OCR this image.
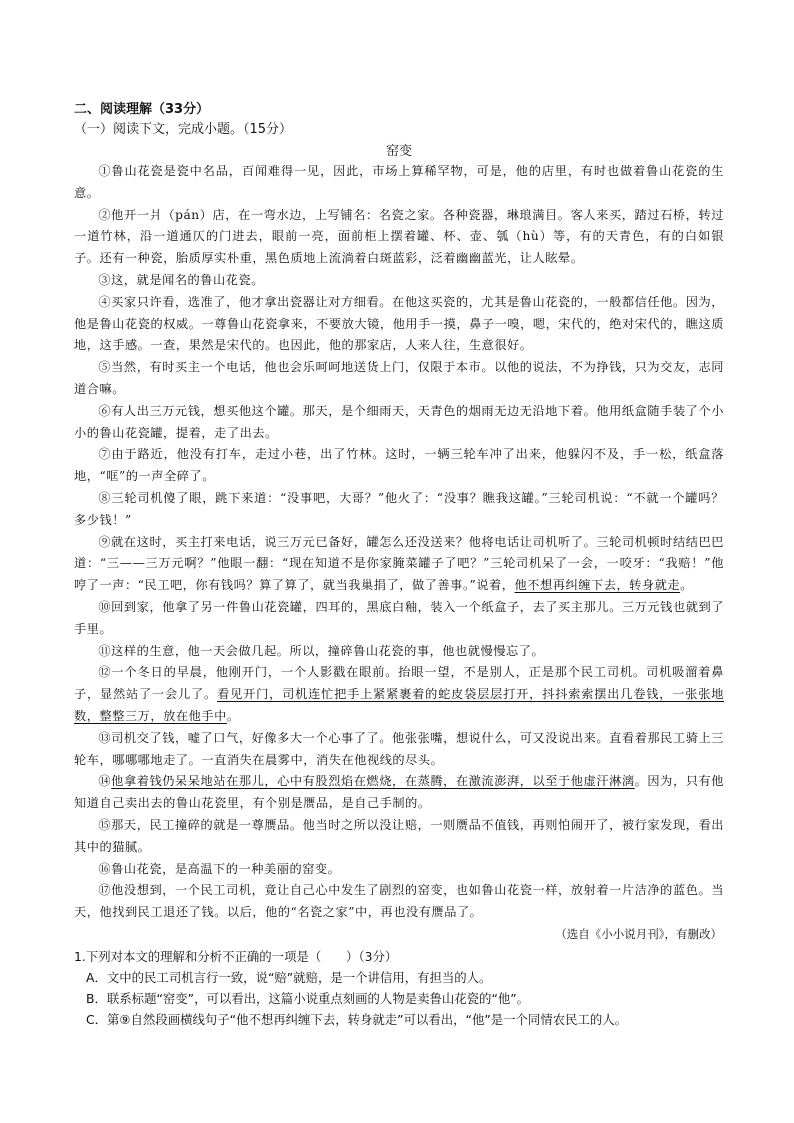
二、阅读理解（33分）
（一）阅读下文，完成小题。（15分）
窑变

①鲁山花瓷是瓷中名品，百闻难得一见，因此，市场上算稀罕物，可是，他的店里，有时也做着鲁山花瓷的生意。

②他开一爿（pán）店，在一弯水边，上写铺名：名瓷之家。各种瓷器，琳琅满目。客人来买，踏过石桥，转过一道竹林，沿一道通仄的门进去，眼前一亮，面前柜上摆着罐、杯、壶、瓠（hù）等，有的天青色，有的白如银子。还有一种瓷，胎质厚实朴重，黑色质地上流淌着白斑蓝彩，泛着幽幽蓝光，让人眩晕。

③这，就是闻名的鲁山花瓷。

④买家只许看，选准了，他才拿出瓷器让对方细看。在他这买瓷的，尤其是鲁山花瓷的，一般都信任他。因为，他是鲁山花瓷的权威。一尊鲁山花瓷拿来，不要放大镜，他用手一摸，鼻子一嗅，嗯，宋代的，绝对宋代的，瞧这质地，这手感。一查，果然是宋代的。也因此，他的那家店，人来人往，生意很好。

⑤当然，有时买主一个电话，他也会乐呵呵地送货上门，仅限于本市。以他的说法，不为挣钱，只为交友，志同道合嘛。

⑥有人出三万元钱，想买他这个罐。那天，是个细雨天，天青色的烟雨无边无沿地下着。他用纸盒随手装了个小小的鲁山花瓷罐，提着，走了出去。

⑦由于路近，他没有打车，走过小巷，出了竹林。这时，一辆三轮车冲了出来，他躲闪不及，手一松，纸盒落地，“哐”的一声全碎了。

⑧三轮司机傻了眼，跳下来道：“没事吧，大哥？”他火了：“没事？瞧我这罐。”三轮司机说：“不就一个罐吗？多少钱！”

⑨就在这时，买主打来电话，说三万元已备好，罐怎么还没送来？他将电话让司机听了。三轮司机顿时结结巴巴道：“三——三万元啊？”他眼一翻：“现在知道不是你家腌菜罐子了吧？”三轮司机呆了一会，一咬牙：“我赔！”他哼了一声：“民工吧，你有钱吗？算了算了，就当我巢捐了，做了善事。”说着，他不想再纠缠下去，转身就走。

⑩回到家，他拿了另一件鲁山花瓷罐，四耳的，黑底白釉，装入一个纸盒子，去了买主那儿。三万元钱也就到了手里。

⑪这样的生意，他一天会做几起。所以，撞碎鲁山花瓷的事，他也就慢慢忘了。

⑫一个冬日的早晨，他刚开门，一个人影戳在眼前。抬眼一望，不是别人，正是那个民工司机。司机吸溜着鼻子，显然站了一会儿了。看见开门，司机连忙把手上紧紧裹着的蛇皮袋层层打开，抖抖索索摆出几卷钱，一张张地数，整整三万，放在他手中。

⑬司机交了钱，嘘了口气，好像多大一个心事了了。他张张嘴，想说什么，可又没说出来。直看着那民工骑上三轮车，哪哪哪地走了。一直消失在晨雾中，消失在他视线的尽头。

⑭他拿着钱仍呆呆地站在那儿，心中有股烈焰在燃烧，在蒸腾，在激流澎湃，以至于他虚汗淋漓。因为，只有他知道自己卖出去的鲁山花瓷里，有个别是赝品，是自己手制的。

⑮那天，民工撞碎的就是一尊赝品。他当时之所以没让赔，一则赝品不值钱，再则怕闹开了，被行家发现，看出其中的猫腻。

⑯鲁山花瓷，是高温下的一种美丽的窑变。

⑰他没想到，一个民工司机，竟让自己心中发生了剧烈的窑变，也如鲁山花瓷一样，放射着一片洁净的蓝色。当天，他找到民工退还了钱。以后，他的“名瓷之家”中，再也没有赝品了。

（选自《小小说月刊》，有删改）
1.下列对本文的理解和分析不正确的一项是（　　）（3分）
A．文中的民工司机言行一致，说“赔”就赔，是一个讲信用，有担当的人。
B．联系标题“窑变”，可以看出，这篇小说重点刻画的人物是卖鲁山花瓷的“他”。
C．第⑨自然段画横线句子“他不想再纠缠下去，转身就走”可以看出，“他”是一个同情农民工的人。
